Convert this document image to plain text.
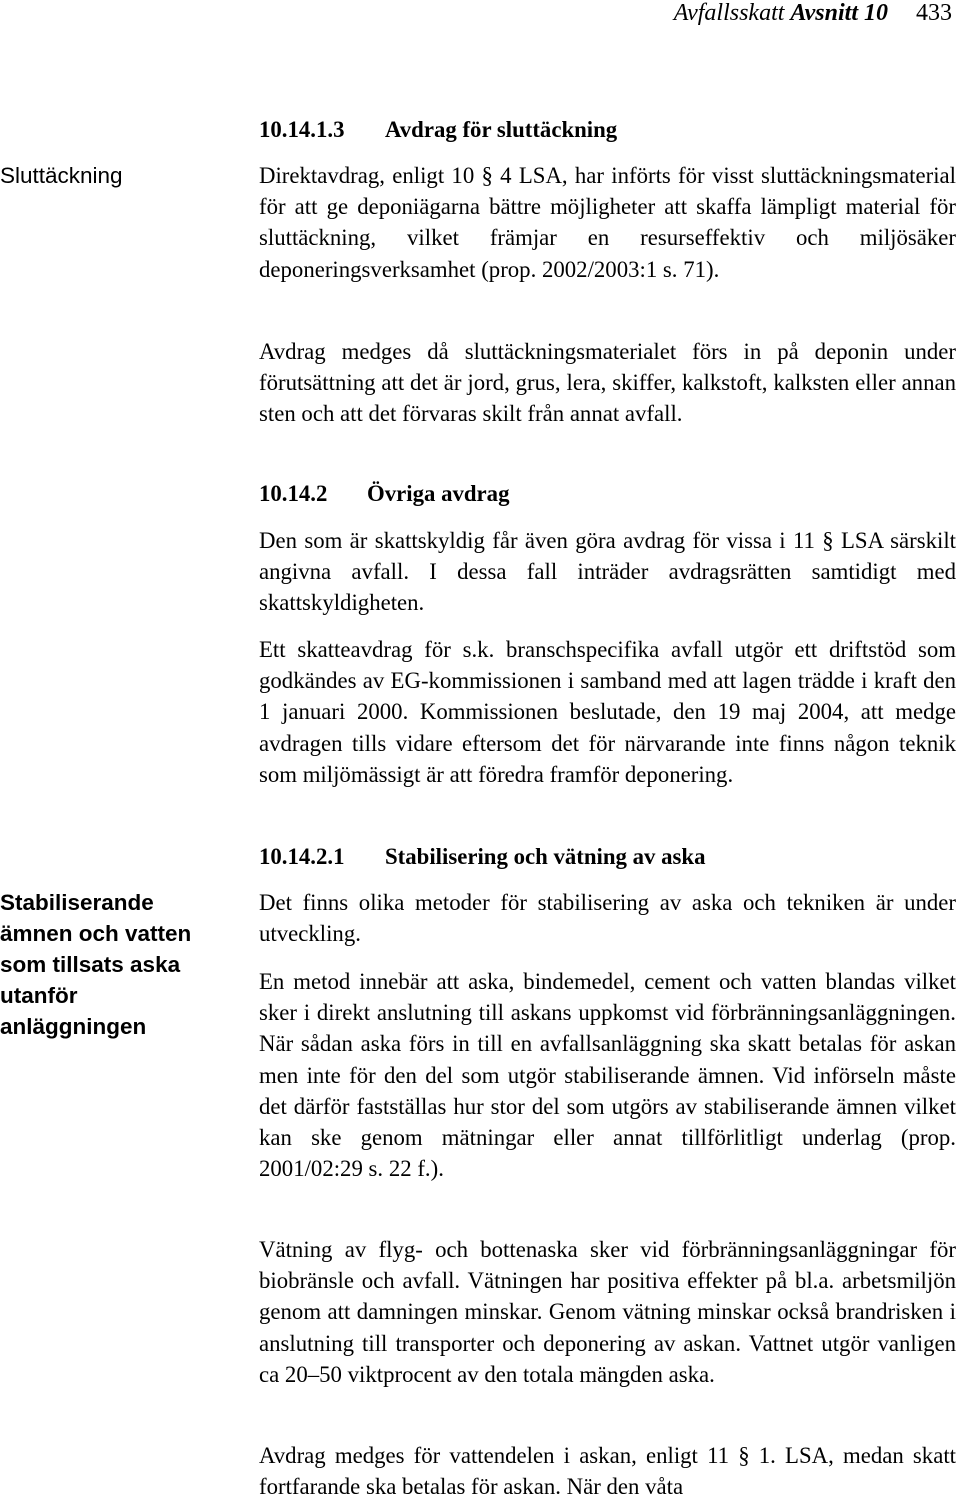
Avfallsskatt Avsnitt 10 433
Sluttäckning
Stabiliserande
ämnen och vatten
som tillsats aska
utanför
anläggningen
10.14.1.3 Avdrag för sluttäckning

Direktavdrag, enligt 10 § 4 LSA, har införts för visst sluttäckningsmaterial för att ge deponiägarna bättre möjligheter att skaffa lämpligt material för sluttäckning, vilket främjar en resurseffektiv och miljösäker deponeringsverksamhet (prop. 2002/2003:1 s. 71).

Avdrag medges då sluttäckningsmaterialet förs in på deponin under förutsättning att det är jord, grus, lera, skiffer, kalkstoft, kalksten eller annan sten och att det förvaras skilt från annat avfall.

10.14.2 Övriga avdrag

Den som är skattskyldig får även göra avdrag för vissa i 11 § LSA särskilt angivna avfall. I dessa fall inträder avdragsrätten samtidigt med skattskyldigheten.

Ett skatteavdrag för s.k. branschspecifika avfall utgör ett driftstöd som godkändes av EG-kommissionen i samband med att lagen trädde i kraft den 1 januari 2000. Kommissionen beslutade, den 19 maj 2004, att medge avdragen tills vidare eftersom det för närvarande inte finns någon teknik som miljömässigt är att föredra framför deponering.

10.14.2.1 Stabilisering och vätning av aska

Det finns olika metoder för stabilisering av aska och tekniken är under utveckling.

En metod innebär att aska, bindemedel, cement och vatten blandas vilket sker i direkt anslutning till askans uppkomst vid förbränningsanläggningen. När sådan aska förs in till en avfallsanläggning ska skatt betalas för askan men inte för den del som utgör stabiliserande ämnen. Vid införseln måste det därför fastställas hur stor del som utgörs av stabiliserande ämnen vilket kan ske genom mätningar eller annat tillförlitligt underlag (prop. 2001/02:29 s. 22 f.).

Vätning av flyg- och bottenaska sker vid förbränningsanläggningar för biobränsle och avfall. Vätningen har positiva effekter på bl.a. arbetsmiljön genom att damningen minskar. Genom vätning minskar också brandrisken i anslutning till transporter och deponering av askan. Vattnet utgör vanligen ca 20–50 viktprocent av den totala mängden aska.

Avdrag medges för vattendelen i askan, enligt 11 § 1. LSA, medan skatt fortfarande ska betalas för askan. När den våta
